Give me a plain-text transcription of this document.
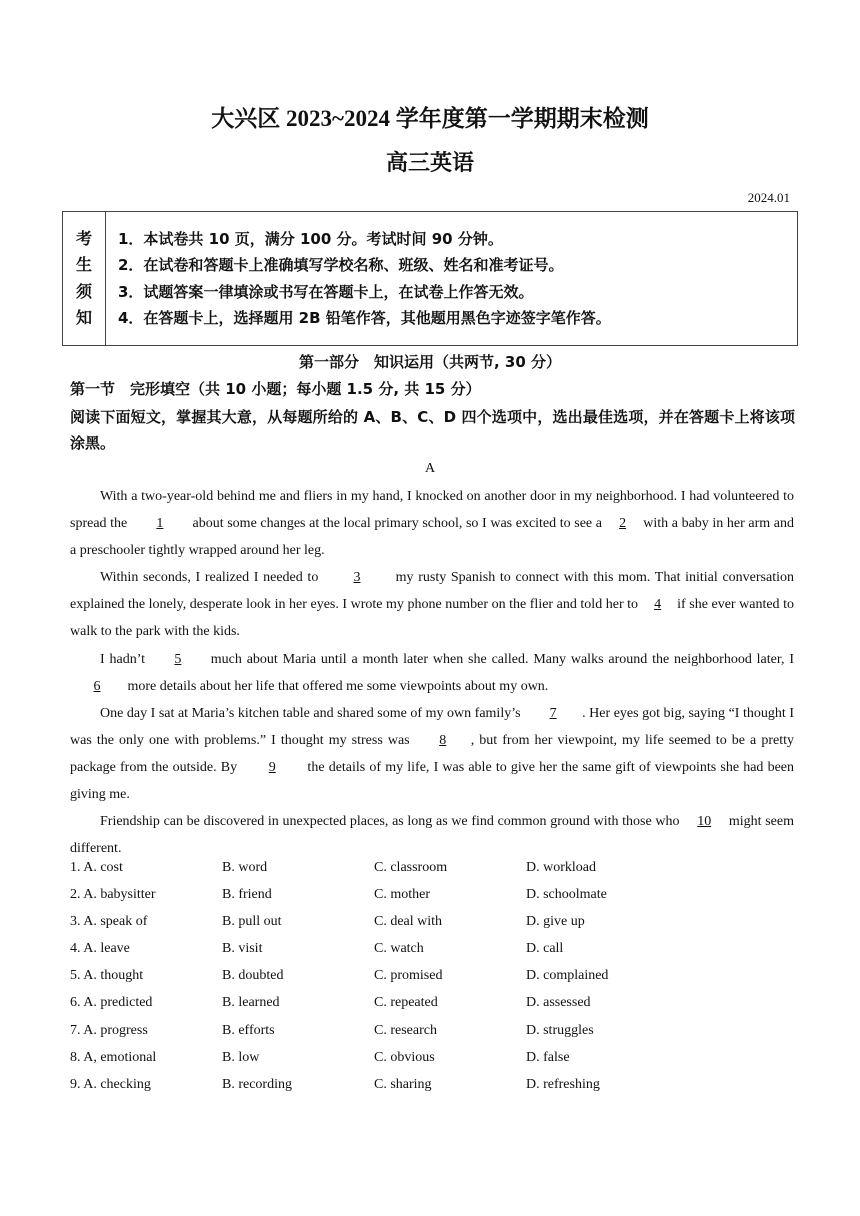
大兴区 2023~2024 学年度第一学期期末检测
高三英语
2024.01
考
生
须
知

1．本试卷共 10 页，满分 100 分。考试时间 90 分钟。
2．在试卷和答题卡上准确填写学校名称、班级、姓名和准考证号。
3．试题答案一律填涂或书写在答题卡上，在试卷上作答无效。
4．在答题卡上，选择题用 2B 铅笔作答，其他题用黑色字迹签字笔作答。
第一部分　知识运用（共两节, 30 分）
第一节　完形填空（共 10 小题；每小题 1.5 分, 共 15 分）
阅读下面短文，掌握其大意，从每题所给的 A、B、C、D 四个选项中，选出最佳选项，并在答题卡上将该项涂黑。
A

With a two-year-old behind me and fliers in my hand, I knocked on another door in my neighborhood. I had volunteered to spread the 1 about some changes at the local primary school, so I was excited to see a 2 with a baby in her arm and a preschooler tightly wrapped around her leg.

Within seconds, I realized I needed to 3 my rusty Spanish to connect with this mom. That initial conversation explained the lonely, desperate look in her eyes. I wrote my phone number on the flier and told her to 4 if she ever wanted to walk to the park with the kids.

I hadn’t 5 much about Maria until a month later when she called. Many walks around the neighborhood later, I 6 more details about her life that offered me some viewpoints about my own.

One day I sat at Maria’s kitchen table and shared some of my own family’s 7 . Her eyes got big, saying “I thought I was the only one with problems.” I thought my stress was 8 , but from her viewpoint, my life seemed to be a pretty package from the outside. By 9 the details of my life, I was able to give her the same gift of viewpoints she had been giving me.

Friendship can be discovered in unexpected places, as long as we find common ground with those who 10 might seem different.

1. A. cost	B. word	C. classroom	D. workload
2. A. babysitter	B. friend	C. mother	D. schoolmate
3. A. speak of	B. pull out	C. deal with	D. give up
4. A. leave	B. visit	C. watch	D. call
5. A. thought	B. doubted	C. promised	D. complained
6. A. predicted	B. learned	C. repeated	D. assessed
7. A. progress	B. efforts	C. research	D. struggles
8. A, emotional	B. low	C. obvious	D. false
9. A. checking	B. recording	C. sharing	D. refreshing
